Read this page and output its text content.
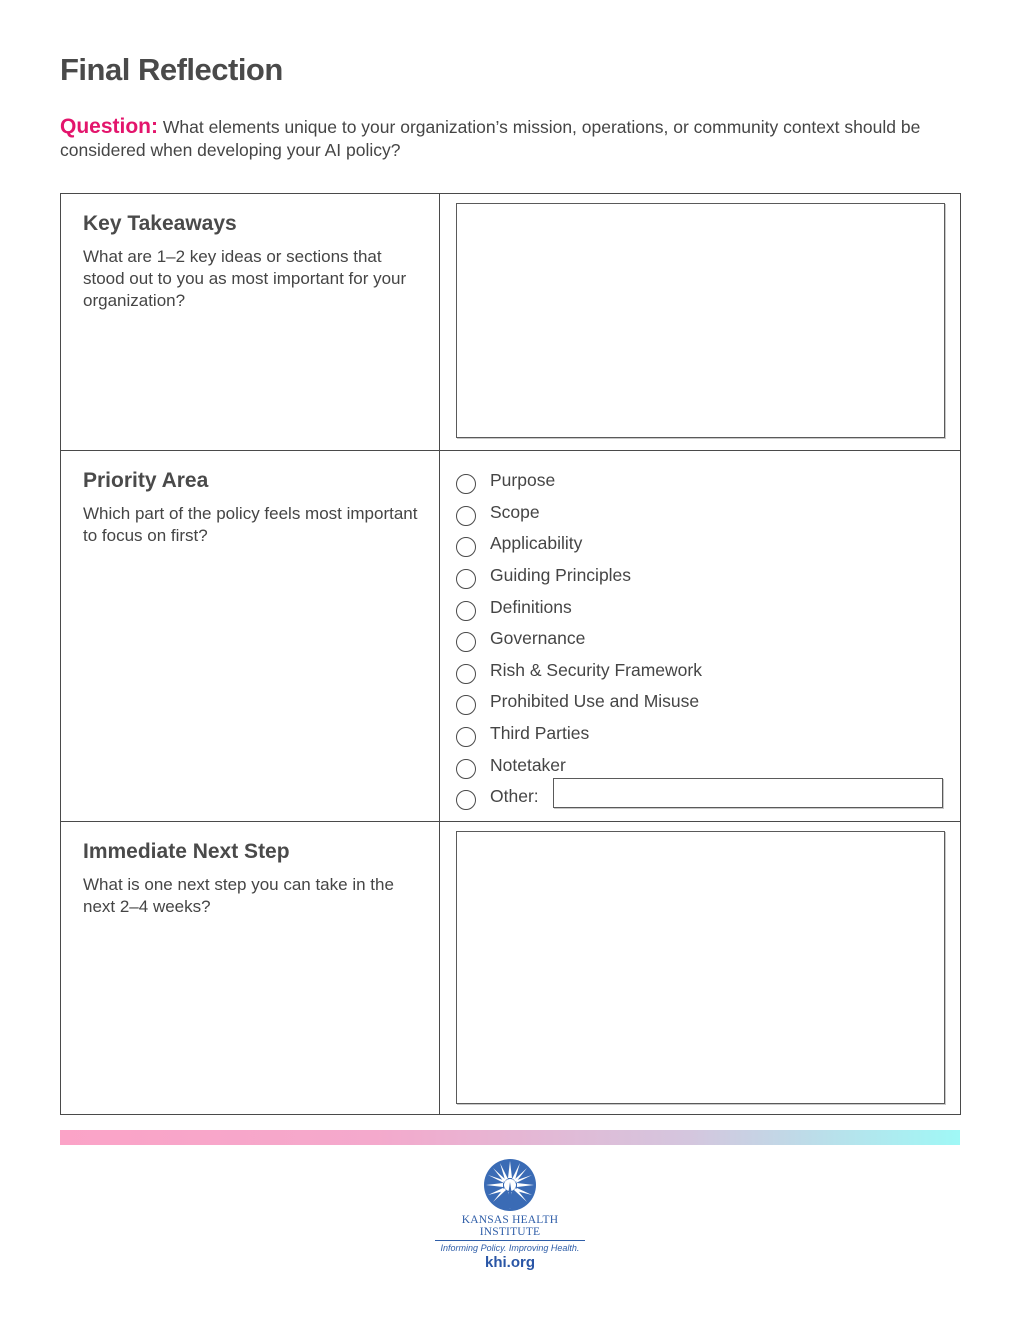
Final Reflection
Question: What elements unique to your organization’s mission, operations, or community context should be considered when developing your AI policy?
Key Takeaways

What are 1–2 key ideas or sections that stood out to you as most important for your organization?

Priority Area

Which part of the policy feels most important to focus on first?

Purpose
Scope
Applicability
Guiding Principles
Definitions
Governance
Rish & Security Framework
Prohibited Use and Misuse
Third Parties
Notetaker
Other:
Immediate Next Step

What is one next step you can take in the next 2–4 weeks?

KANSAS HEALTH INSTITUTE
Informing Policy. Improving Health.
khi.org
